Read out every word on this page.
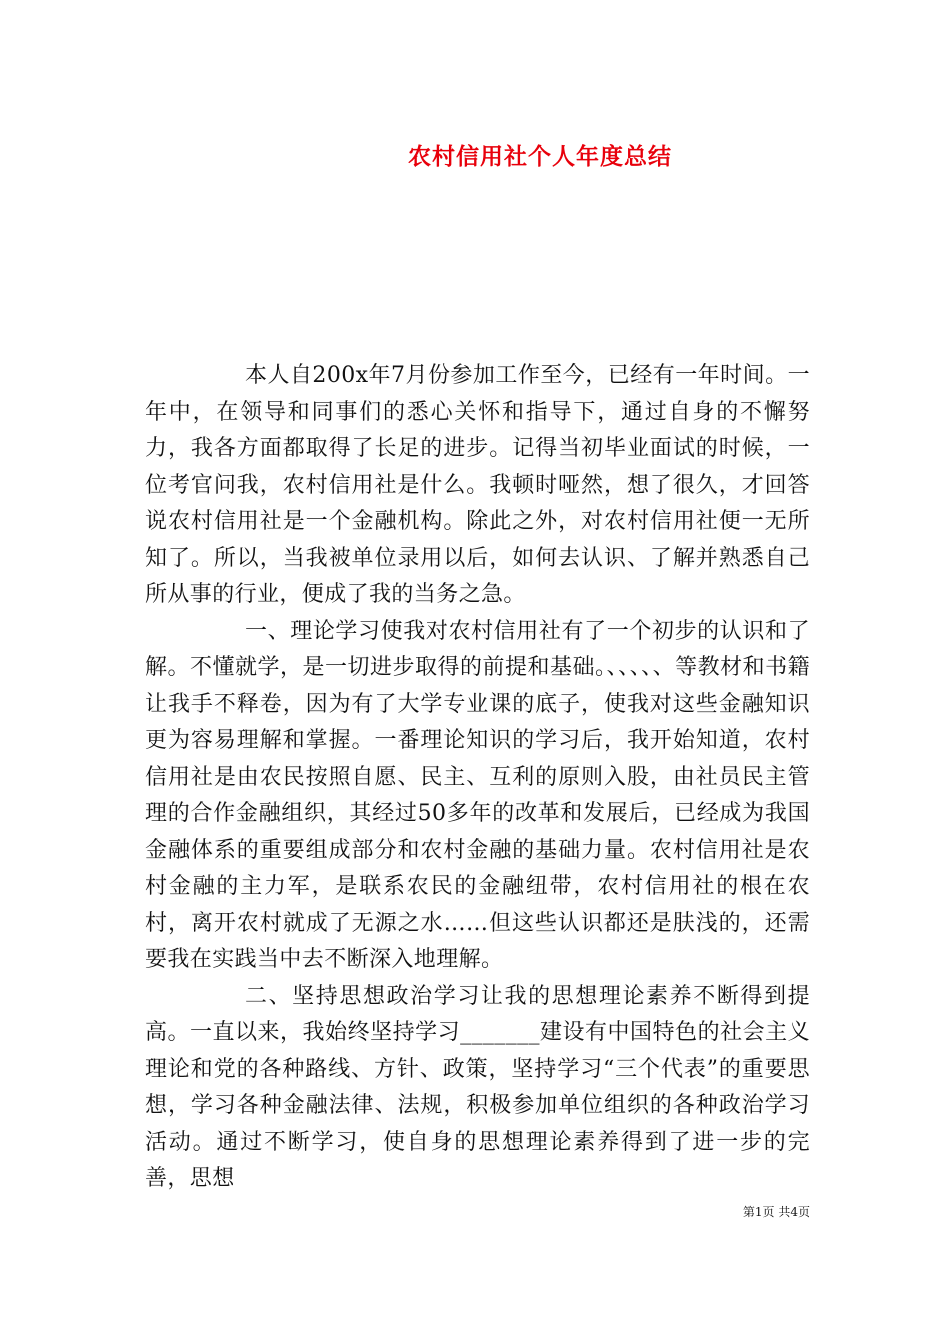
农村信用社个人年度总结

本人自200x年7月份参加工作至今，已经有一年时间。一年中，在领导和同事们的悉心关怀和指导下，通过自身的不懈努力，我各方面都取得了长足的进步。记得当初毕业面试的时候，一位考官问我，农村信用社是什么。我顿时哑然，想了很久，才回答说农村信用社是一个金融机构。除此之外，对农村信用社便一无所知了。所以，当我被单位录用以后，如何去认识、了解并熟悉自己所从事的行业，便成了我的当务之急。

一、理论学习使我对农村信用社有了一个初步的认识和了解。不懂就学，是一切进步取得的前提和基础。、、、、、等教材和书籍让我手不释卷，因为有了大学专业课的底子，使我对这些金融知识更为容易理解和掌握。一番理论知识的学习后，我开始知道，农村信用社是由农民按照自愿、民主、互利的原则入股，由社员民主管理的合作金融组织，其经过50多年的改革和发展后，已经成为我国金融体系的重要组成部分和农村金融的基础力量。农村信用社是农村金融的主力军，是联系农民的金融纽带，农村信用社的根在农村，离开农村就成了无源之水……但这些认识都还是肤浅的，还需要我在实践当中去不断深入地理解。

二、坚持思想政治学习让我的思想理论素养不断得到提高。一直以来，我始终坚持学习_______建设有中国特色的社会主义理论和党的各种路线、方针、政策，坚持学习“三个代表”的重要思想，学习各种金融法律、法规，积极参加单位组织的各种政治学习活动。通过不断学习，使自身的思想理论素养得到了进一步的完善，思想

第1页 共4页
